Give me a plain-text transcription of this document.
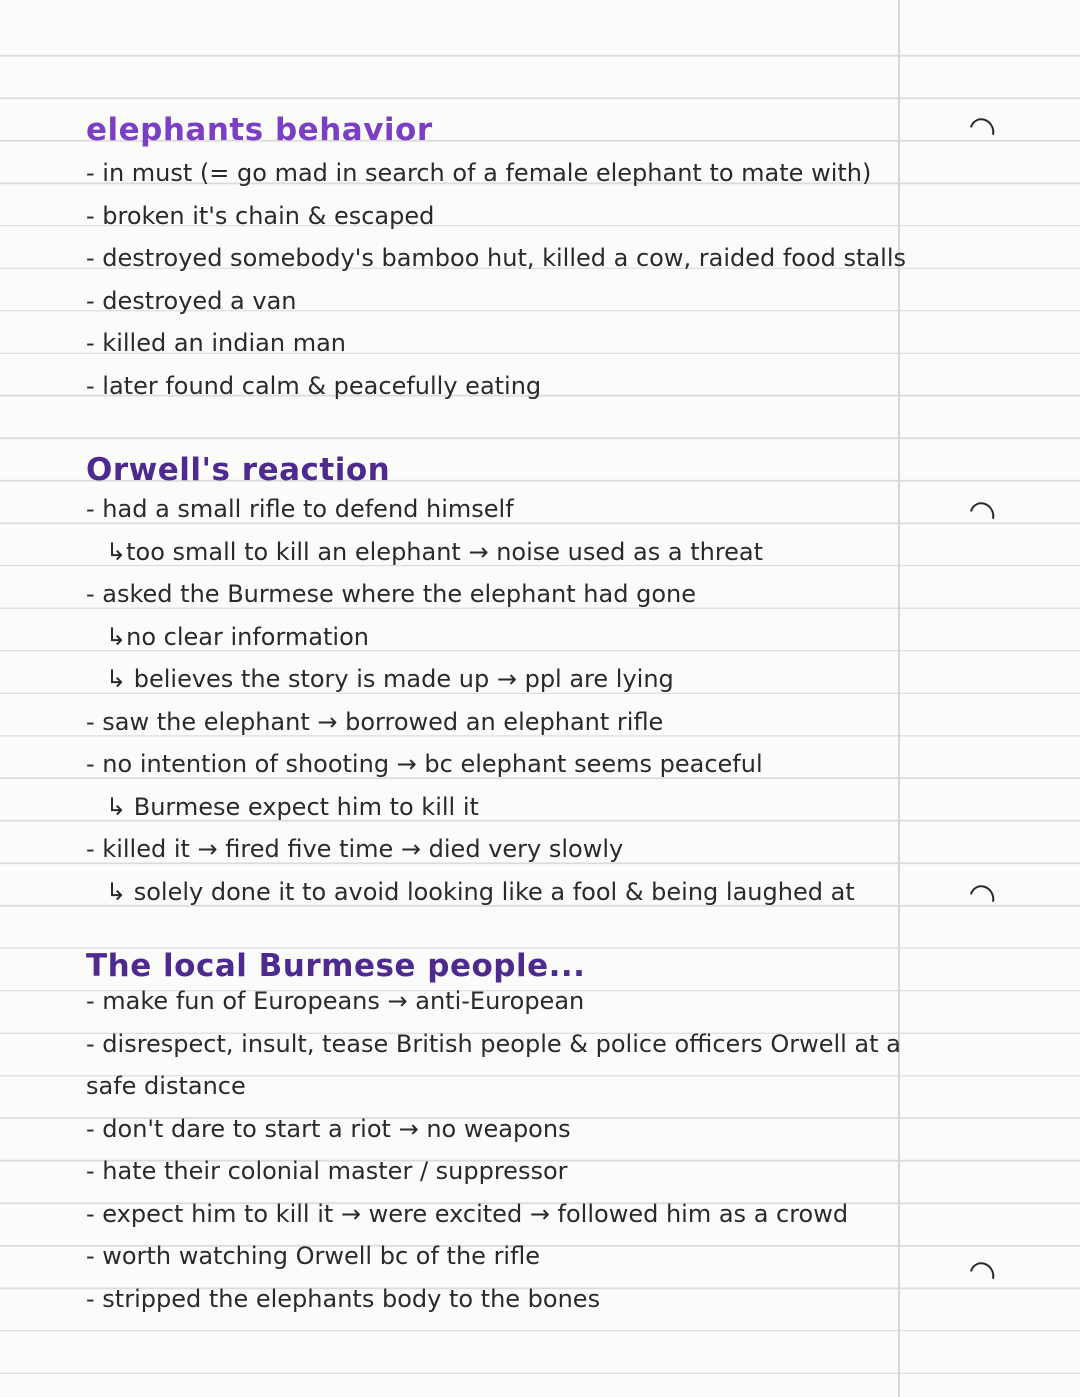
elephants behavior
- in must (= go mad in search of a female elephant to mate with)
- broken it's chain & escaped
- destroyed somebody's bamboo hut, killed a cow, raided food stalls
- destroyed a van
- killed an indian man
- later found calm & peacefully eating
Orwell's reaction
- had a small rifle to defend himself
↳too small to kill an elephant → noise used as a threat
- asked the Burmese where the elephant had gone
↳no clear information
↳ believes the story is made up → ppl are lying
- saw the elephant → borrowed an elephant rifle
- no intention of shooting → bc elephant seems peaceful
↳ Burmese expect him to kill it
- killed it → fired five time → died very slowly
↳ solely done it to avoid looking like a fool & being laughed at
The local Burmese people...
- make fun of Europeans → anti-European
- disrespect, insult, tease British people & police officers Orwell at a
safe distance
- don't dare to start a riot → no weapons
- hate their colonial master / suppressor
- expect him to kill it → were excited → followed him as a crowd
- worth watching Orwell bc of the rifle
- stripped the elephants body to the bones
